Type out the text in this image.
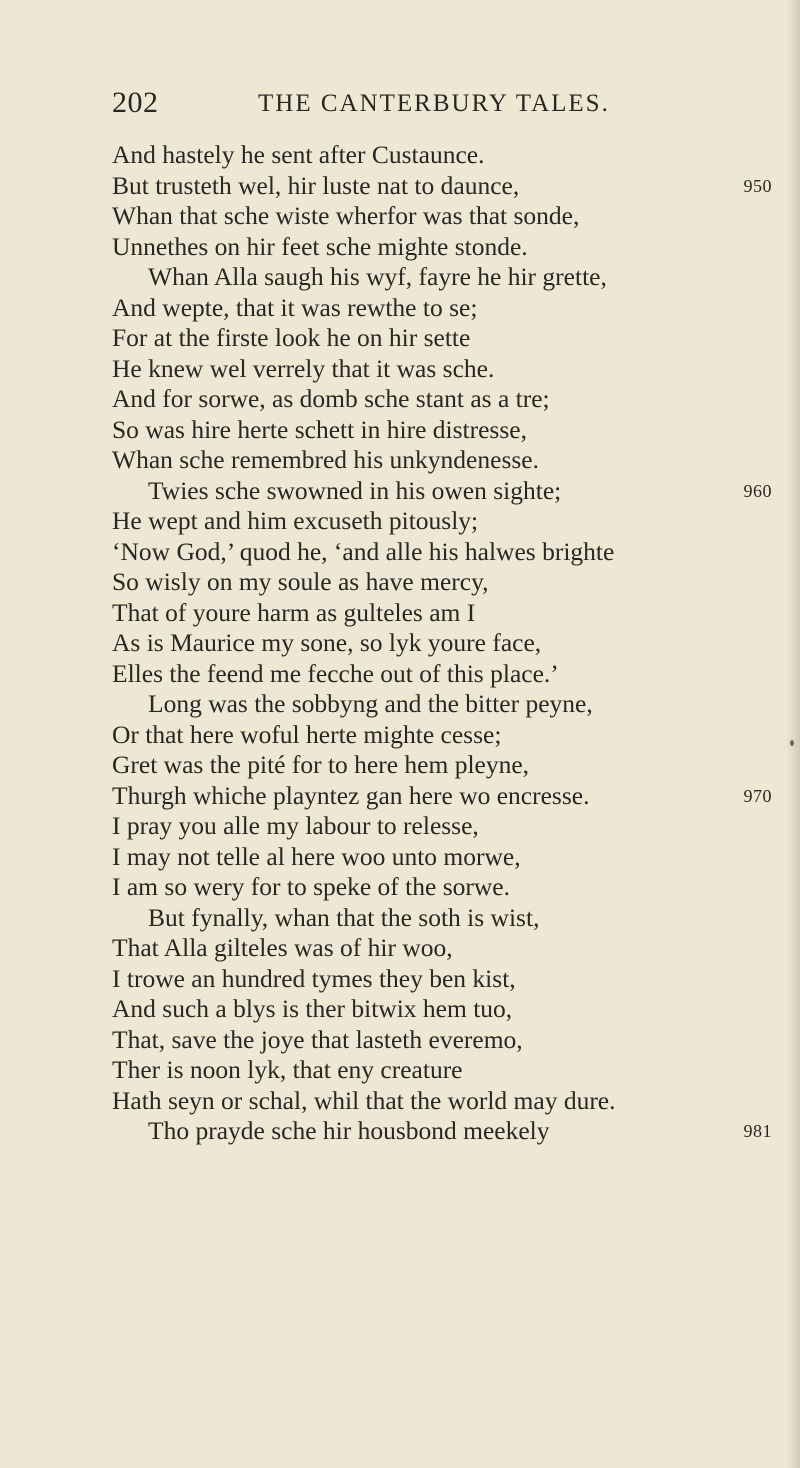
202	THE CANTERBURY TALES.
And hastely he sent after Custaunce.
But trusteth wel, hir luste nat to daunce,	950
Whan that sche wiste wherfor was that sonde,
Unnethes on hir feet sche mighte stonde.
Whan Alla saugh his wyf, fayre he hir grette,
And wepte, that it was rewthe to se;
For at the firste look he on hir sette
He knew wel verrely that it was sche.
And for sorwe, as domb sche stant as a tre;
So was hire herte schett in hire distresse,
Whan sche remembred his unkyndenesse.
Twies sche swowned in his owen sighte;	960
He wept and him excuseth pitously;
‘Now God,’ quod he, ‘and alle his halwes brighte
So wisly on my soule as have mercy,
That of youre harm as gulteles am I
As is Maurice my sone, so lyk youre face,
Elles the feend me fecche out of this place.’
Long was the sobbyng and the bitter peyne,
Or that here woful herte mighte cesse;
Gret was the pité for to here hem pleyne,
Thurgh whiche playntez gan here wo encresse.	970
I pray you alle my labour to relesse,
I may not telle al here woo unto morwe,
I am so wery for to speke of the sorwe.
But fynally, whan that the soth is wist,
That Alla gilteles was of hir woo,
I trowe an hundred tymes they ben kist,
And such a blys is ther bitwix hem tuo,
That, save the joye that lasteth everemo,
Ther is noon lyk, that eny creature
Hath seyn or schal, whil that the world may dure.
Tho prayde sche hir housbond meekely	981
